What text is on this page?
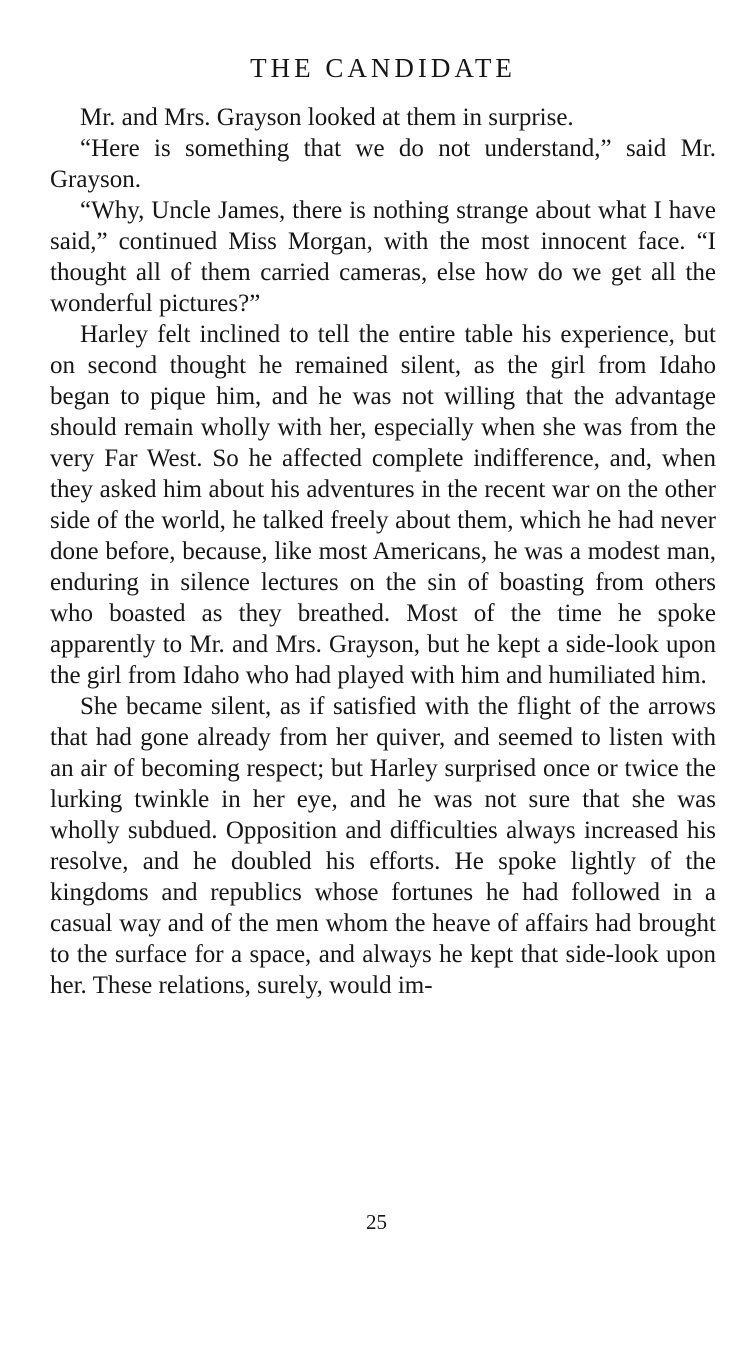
THE CANDIDATE

Mr. and Mrs. Grayson looked at them in surprise.

“Here is something that we do not understand,” said Mr. Grayson.

“Why, Uncle James, there is nothing strange about what I have said,” continued Miss Morgan, with the most innocent face. “I thought all of them carried cameras, else how do we get all the wonderful pictures?”

Harley felt inclined to tell the entire table his experience, but on second thought he remained silent, as the girl from Idaho began to pique him, and he was not willing that the advantage should remain wholly with her, especially when she was from the very Far West. So he affected complete indifference, and, when they asked him about his adventures in the recent war on the other side of the world, he talked freely about them, which he had never done before, because, like most Americans, he was a modest man, enduring in silence lectures on the sin of boasting from others who boasted as they breathed. Most of the time he spoke apparently to Mr. and Mrs. Grayson, but he kept a side-look upon the girl from Idaho who had played with him and humiliated him.

She became silent, as if satisfied with the flight of the arrows that had gone already from her quiver, and seemed to listen with an air of becoming respect; but Harley surprised once or twice the lurking twinkle in her eye, and he was not sure that she was wholly subdued. Opposition and difficulties always increased his resolve, and he doubled his efforts. He spoke lightly of the kingdoms and republics whose fortunes he had followed in a casual way and of the men whom the heave of affairs had brought to the surface for a space, and always he kept that side-look upon her. These relations, surely, would im-

25
